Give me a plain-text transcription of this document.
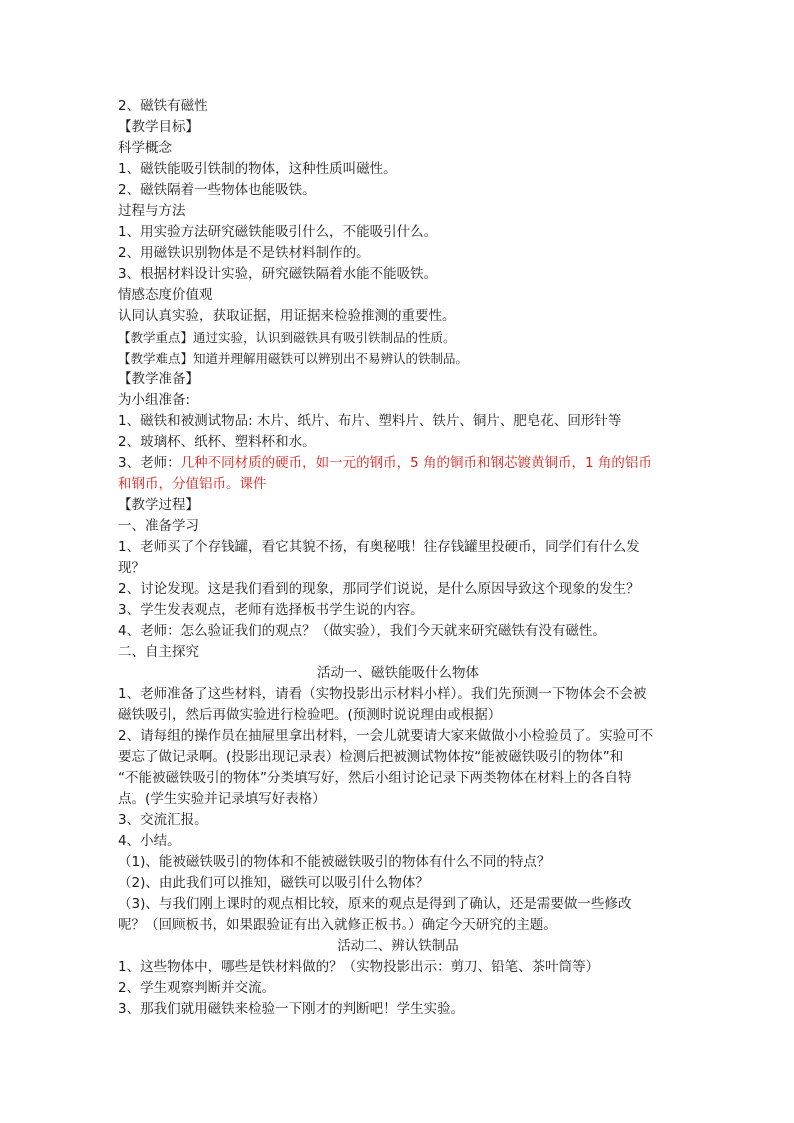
2、磁铁有磁性
【教学目标】
科学概念
1、磁铁能吸引铁制的物体，这种性质叫磁性。
2、磁铁隔着一些物体也能吸铁。
过程与方法
1、用实验方法研究磁铁能吸引什么，不能吸引什么。
2、用磁铁识别物体是不是铁材料制作的。
3、根据材料设计实验，研究磁铁隔着水能不能吸铁。
情感态度价值观
认同认真实验，获取证据，用证据来检验推测的重要性。
【教学重点】通过实验，认识到磁铁具有吸引铁制品的性质。
【教学难点】知道并理解用磁铁可以辨别出不易辨认的铁制品。
【教学准备】
为小组准备:
1、磁铁和被测试物品: 木片、纸片、布片、塑料片、铁片、铜片、肥皂花、回形针等
2、玻璃杯、纸杯、塑料杯和水。
3、老师：几种不同材质的硬币，如一元的钢币，5 角的铜币和钢芯镀黄铜币，1 角的铝币
和钢币，分值铝币。课件
【教学过程】
一、准备学习
1、老师买了个存钱罐，看它其貌不扬，有奥秘哦！往存钱罐里投硬币，同学们有什么发
现？
2、讨论发现。这是我们看到的现象，那同学们说说，是什么原因导致这个现象的发生？
3、学生发表观点，老师有选择板书学生说的内容。
4、老师：怎么验证我们的观点？（做实验），我们今天就来研究磁铁有没有磁性。
二、自主探究
活动一、磁铁能吸什么物体
1、老师准备了这些材料，请看（实物投影出示材料小样）。我们先预测一下物体会不会被
磁铁吸引，然后再做实验进行检验吧。(预测时说说理由或根据）
2、请每组的操作员在抽屉里拿出材料，一会儿就要请大家来做做小小检验员了。实验可不
要忘了做记录啊。(投影出现记录表）检测后把被测试物体按“能被磁铁吸引的物体”和
“不能被磁铁吸引的物体”分类填写好，然后小组讨论记录下两类物体在材料上的各自特
点。(学生实验并记录填写好表格）
3、交流汇报。
4、小结。
（1)、能被磁铁吸引的物体和不能被磁铁吸引的物体有什么不同的特点？
（2)、由此我们可以推知，磁铁可以吸引什么物体？
（3)、与我们刚上课时的观点相比较，原来的观点是得到了确认，还是需要做一些修改
呢？（回顾板书，如果跟验证有出入就修正板书。）确定今天研究的主题。
活动二、辨认铁制品
1、这些物体中，哪些是铁材料做的？（实物投影出示：剪刀、铅笔、茶叶筒等）
2、学生观察判断并交流。
3、那我们就用磁铁来检验一下刚才的判断吧！学生实验。
